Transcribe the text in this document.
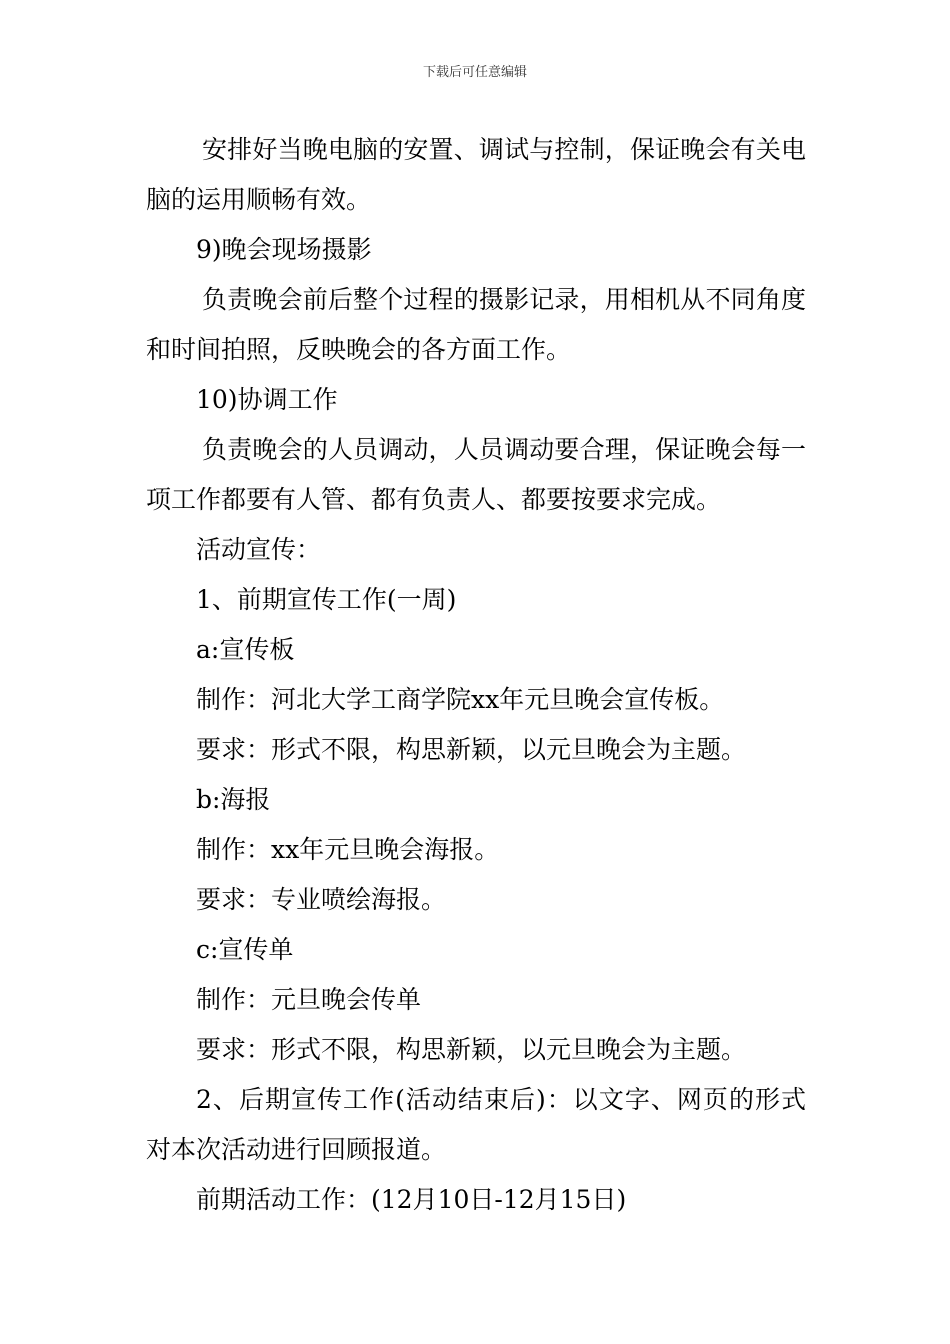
下载后可任意编辑

安排好当晚电脑的安置、调试与控制，保证晚会有关电脑的运用顺畅有效。

9)晚会现场摄影

负责晚会前后整个过程的摄影记录，用相机从不同角度和时间拍照，反映晚会的各方面工作。

10)协调工作

负责晚会的人员调动，人员调动要合理，保证晚会每一项工作都要有人管、都有负责人、都要按要求完成。

活动宣传：

1、前期宣传工作(一周)

a:宣传板

制作：河北大学工商学院xx年元旦晚会宣传板。

要求：形式不限，构思新颖，以元旦晚会为主题。

b:海报

制作：xx年元旦晚会海报。

要求：专业喷绘海报。

c:宣传单

制作：元旦晚会传单

要求：形式不限，构思新颖，以元旦晚会为主题。

2、后期宣传工作(活动结束后)：以文字、网页的形式对本次活动进行回顾报道。

前期活动工作：(12月10日-12月15日)
